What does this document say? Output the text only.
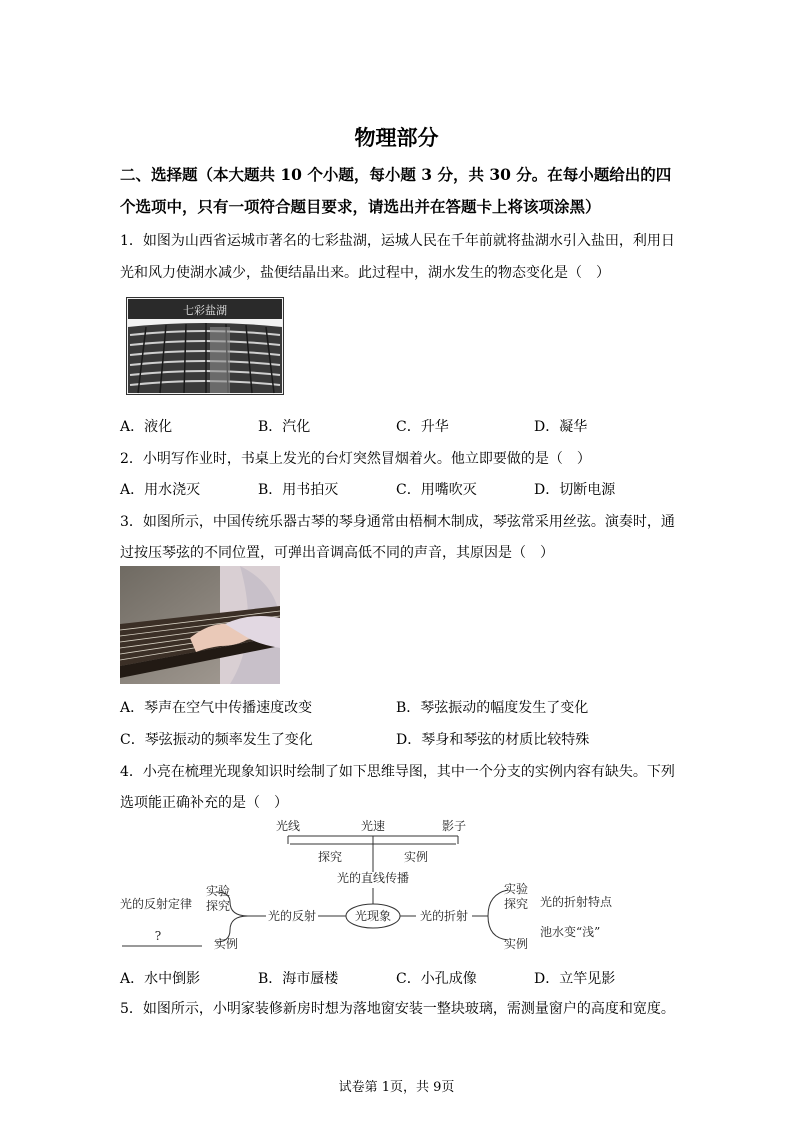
物理部分
二、选择题（本大题共 10 个小题，每小题 3 分，共 30 分。在每小题给出的四
个选项中，只有一项符合题目要求，请选出并在答题卡上将该项涂黑）
1．如图为山西省运城市著名的七彩盐湖，运城人民在千年前就将盐湖水引入盐田，利用日
光和风力使湖水减少，盐便结晶出来。此过程中，湖水发生的物态变化是（　）
七彩盐湖
A．液化	B．汽化	C．升华	D．凝华
2．小明写作业时，书桌上发光的台灯突然冒烟着火。他立即要做的是（　）
A．用水浇灭	B．用书拍灭	C．用嘴吹灭	D．切断电源
3．如图所示，中国传统乐器古琴的琴身通常由梧桐木制成，琴弦常采用丝弦。演奏时，通
过按压琴弦的不同位置，可弹出音调高低不同的声音，其原因是（　）
A．琴声在空气中传播速度改变	B．琴弦振动的幅度发生了变化
C．琴弦振动的频率发生了变化	D．琴身和琴弦的材质比较特殊
4．小亮在梳理光现象知识时绘制了如下思维导图，其中一个分支的实例内容有缺失。下列
选项能正确补充的是（　）
光线	光速	影子
探究	实例
光的直线传播
光现象
光的反射	光的折射
实验探究
光的反射定律
?
实例
实验探究 光的折射特点
实例
池水变“浅”
A．水中倒影	B．海市蜃楼	C．小孔成像	D．立竿见影
5．如图所示，小明家装修新房时想为落地窗安装一整块玻璃，需测量窗户的高度和宽度。
试卷第 1页，共 9页
